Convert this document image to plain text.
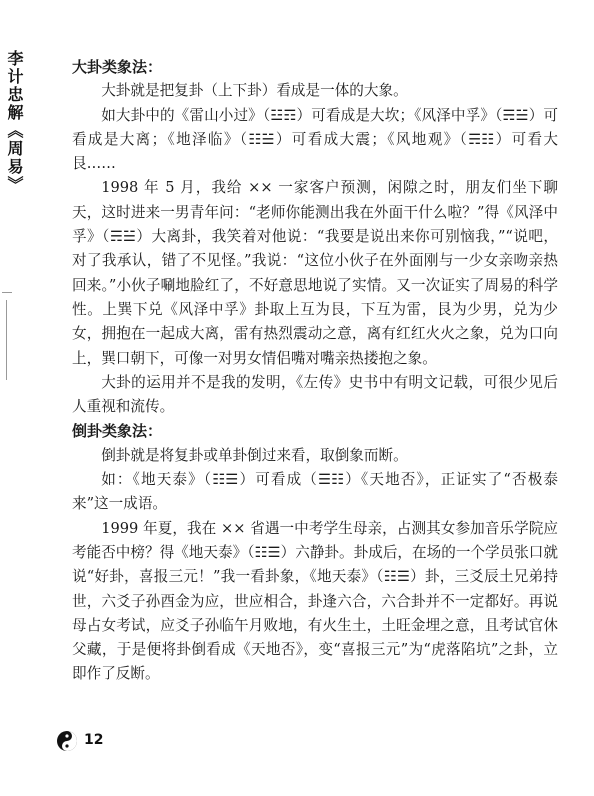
李计忠解《周易》	大卦类象法：

大卦就是把复卦（上下卦）看成是一体的大象。

如大卦中的《雷山小过》（☳☶）可看成是大坎；《风泽中孚》（☴☱）可看成是大离；《地泽临》（☷☱）可看成大震；《风地观》（☴☷）可看大艮……

1998 年 5 月，我给 ×× 一家客户预测，闲隙之时，朋友们坐下聊天，这时进来一男青年问：“老师你能测出我在外面干什么啦？”得《风泽中孚》（☴☱）大离卦，我笑着对他说：“我要是说出来你可别恼我，”“说吧，对了我承认，错了不见怪。”我说：“这位小伙子在外面刚与一少女亲吻亲热回来。”小伙子唰地脸红了，不好意思地说了实情。又一次证实了周易的科学性。上巽下兑《风泽中孚》卦取上互为艮，下互为雷，艮为少男，兑为少女，拥抱在一起成大离，雷有热烈震动之意，离有红红火火之象，兑为口向上，巽口朝下，可像一对男女情侣嘴对嘴亲热搂抱之象。

大卦的运用并不是我的发明，《左传》史书中有明文记载，可很少见后人重视和流传。

倒卦类象法：

倒卦就是将复卦或单卦倒过来看，取倒象而断。

如：《地天泰》（☷☰）可看成（☰☷）《天地否》，正证实了“否极泰来”这一成语。

1999 年夏，我在 ×× 省遇一中考学生母亲，占测其女参加音乐学院应考能否中榜？得《地天泰》（☷☰）六静卦。卦成后，在场的一个学员张口就说“好卦，喜报三元！”我一看卦象，《地天泰》（☷☰）卦，三爻辰土兄弟持世，六爻子孙酉金为应，世应相合，卦逢六合，六合卦并不一定都好。再说母占女考试，应爻子孙临午月败地，有火生土，土旺金埋之意，且考试官休父藏，于是便将卦倒看成《天地否》，变“喜报三元”为“虎落陷坑”之卦，立即作了反断。

12
